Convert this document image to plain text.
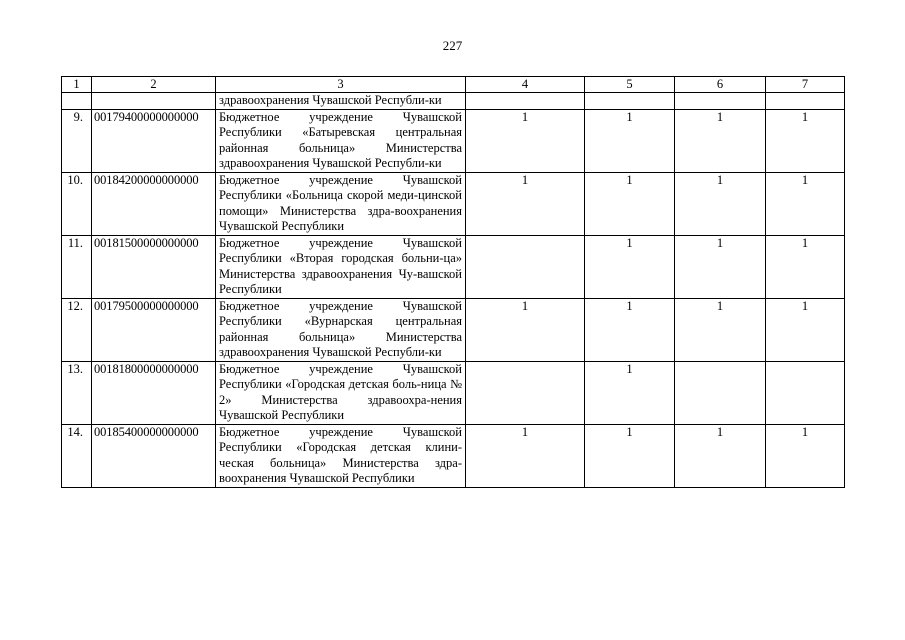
227
1	2	3	4	5	6	7
		здравоохранения Чувашской Республи-ки				
9.	00179400000000000	Бюджетное учреждение Чувашской Республики «Батыревская центральная районная больница» Министерства здравоохранения Чувашской Республи-ки	1	1	1	1
10.	00184200000000000	Бюджетное учреждение Чувашской Республики «Больница скорой меди-цинской помощи» Министерства здра-воохранения Чувашской Республики	1	1	1	1
11.	00181500000000000	Бюджетное учреждение Чувашской Республики «Вторая городская больни-ца» Министерства здравоохранения Чу-вашской Республики		1	1	1
12.	00179500000000000	Бюджетное учреждение Чувашской Республики «Вурнарская центральная районная больница» Министерства здравоохранения Чувашской Республи-ки	1	1	1	1
13.	00181800000000000	Бюджетное учреждение Чувашской Республики «Городская детская боль-ница № 2» Министерства здравоохра-нения Чувашской Республики		1		
14.	00185400000000000	Бюджетное учреждение Чувашской Республики «Городская детская клини-ческая больница» Министерства здра-воохранения Чувашской Республики	1	1	1	1
